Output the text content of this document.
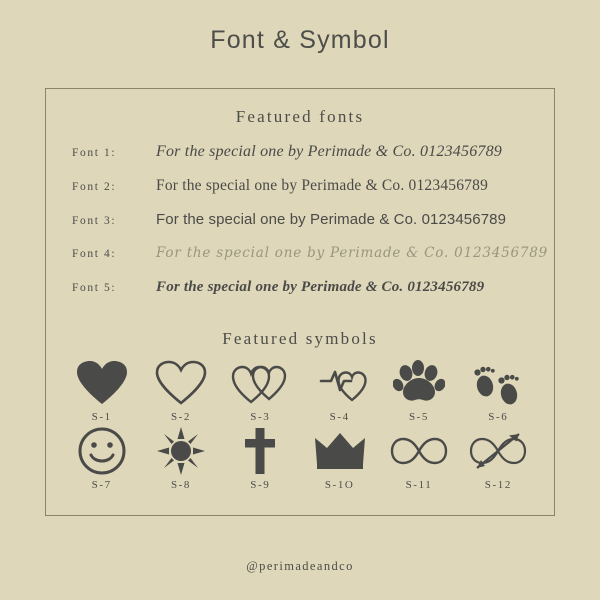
Font & Symbol
Featured fonts
Font 1:	For the special one by Perimade & Co. 0123456789
Font 2:	For the special one by Perimade & Co. 0123456789
Font 3:	For the special one by Perimade & Co. 0123456789
Font 4:	For the special one by Perimade & Co. 0123456789
Font 5:	For the special one by Perimade & Co. 0123456789
Featured symbols
S-1	S-2	S-3	S-4	S-5	S-6
S-7	S-8	S-9	S-1O	S-11	S-12
@perimadeandco
